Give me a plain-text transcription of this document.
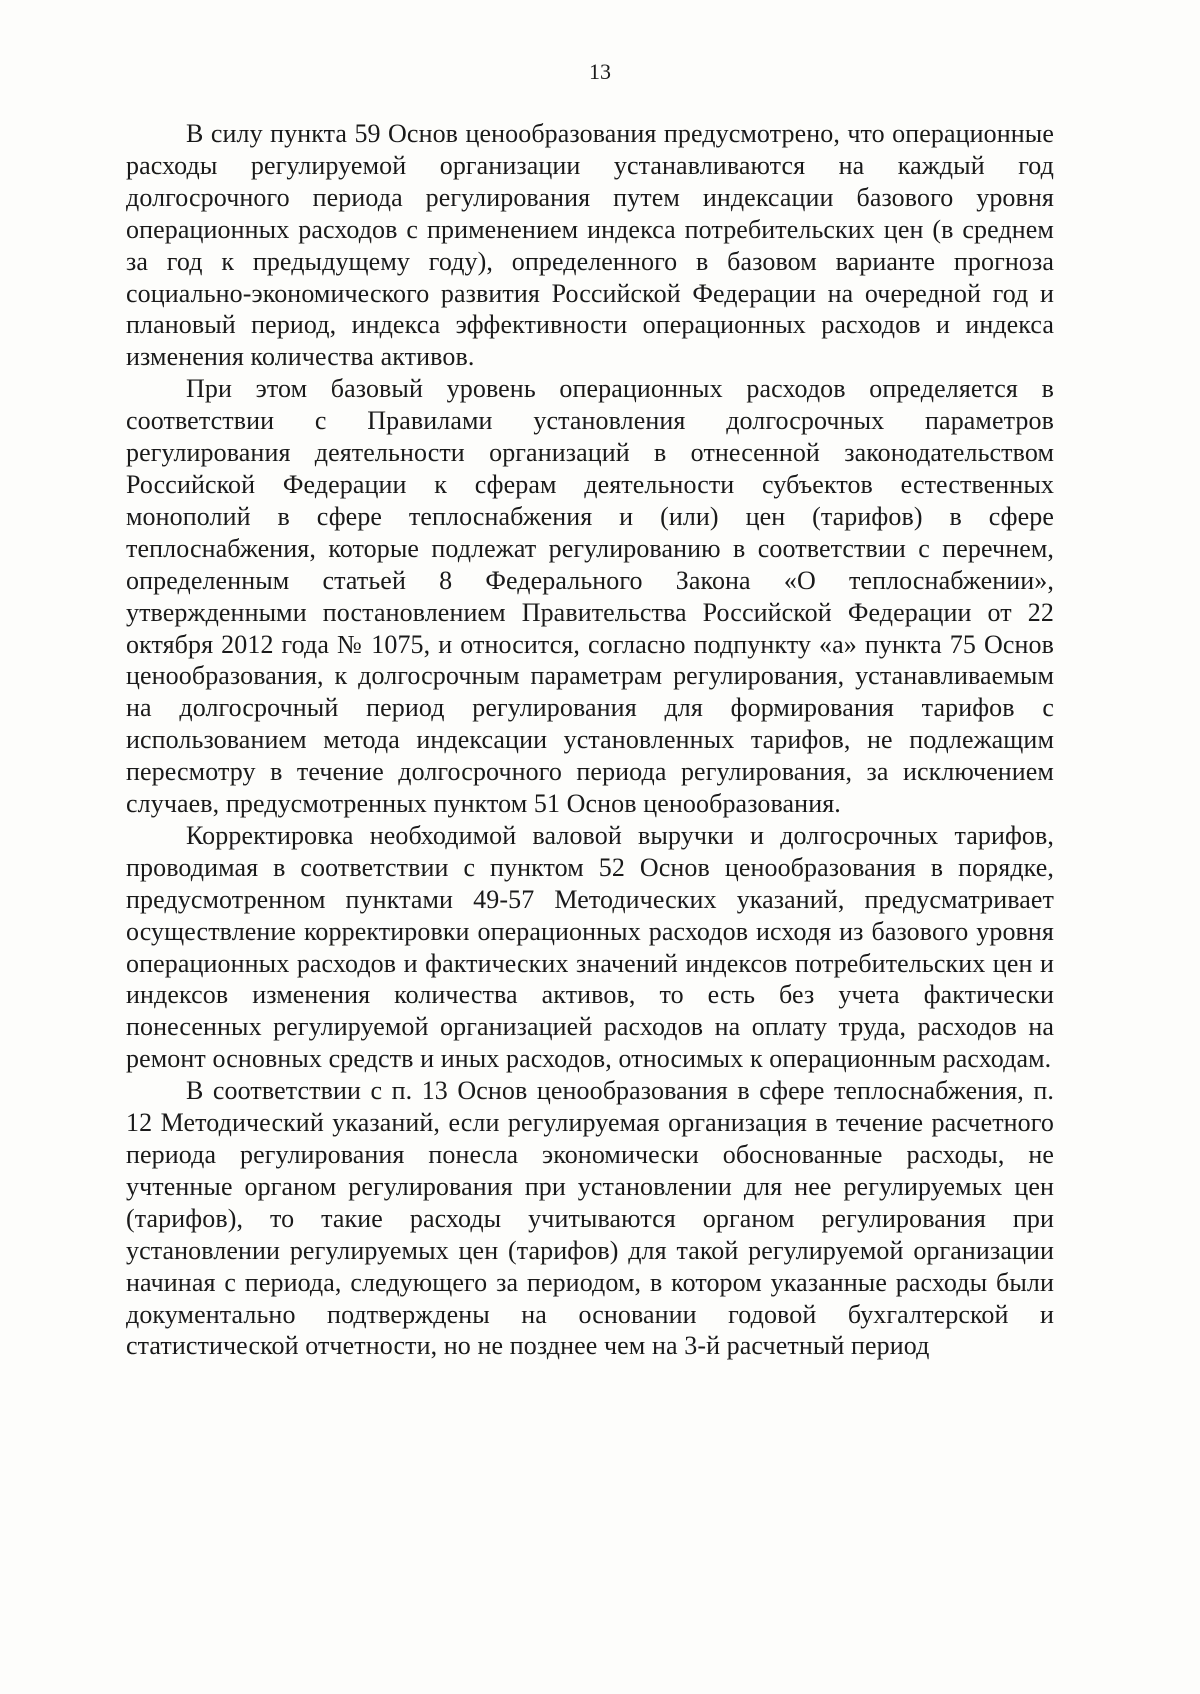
13

В силу пункта 59 Основ ценообразования предусмотрено, что операционные расходы регулируемой организации устанавливаются на каждый год долгосрочного периода регулирования путем индексации базового уровня операционных расходов с применением индекса потребительских цен (в среднем за год к предыдущему году), определенного в базовом варианте прогноза социально-экономического развития Российской Федерации на очередной год и плановый период, индекса эффективности операционных расходов и индекса изменения количества активов.

При этом базовый уровень операционных расходов определяется в соответствии с Правилами установления долгосрочных параметров регулирования деятельности организаций в отнесенной законодательством Российской Федерации к сферам деятельности субъектов естественных монополий в сфере теплоснабжения и (или) цен (тарифов) в сфере теплоснабжения, которые подлежат регулированию в соответствии с перечнем, определенным статьей 8 Федерального Закона «О теплоснабжении», утвержденными постановлением Правительства Российской Федерации от 22 октября 2012 года № 1075, и относится, согласно подпункту «а» пункта 75 Основ ценообразования, к долгосрочным параметрам регулирования, устанавливаемым на долгосрочный период регулирования для формирования тарифов с использованием метода индексации установленных тарифов, не подлежащим пересмотру в течение долгосрочного периода регулирования, за исключением случаев, предусмотренных пунктом 51 Основ ценообразования.

Корректировка необходимой валовой выручки и долгосрочных тарифов, проводимая в соответствии с пунктом 52 Основ ценообразования в порядке, предусмотренном пунктами 49-57 Методических указаний, предусматривает осуществление корректировки операционных расходов исходя из базового уровня операционных расходов и фактических значений индексов потребительских цен и индексов изменения количества активов, то есть без учета фактически понесенных регулируемой организацией расходов на оплату труда, расходов на ремонт основных средств и иных расходов, относимых к операционным расходам.

В соответствии с п. 13 Основ ценообразования в сфере теплоснабжения, п. 12 Методический указаний, если регулируемая организация в течение расчетного периода регулирования понесла экономически обоснованные расходы, не учтенные органом регулирования при установлении для нее регулируемых цен (тарифов), то такие расходы учитываются органом регулирования при установлении регулируемых цен (тарифов) для такой регулируемой организации начиная с периода, следующего за периодом, в котором указанные расходы были документально подтверждены на основании годовой бухгалтерской и статистической отчетности, но не позднее чем на 3-й расчетный период
